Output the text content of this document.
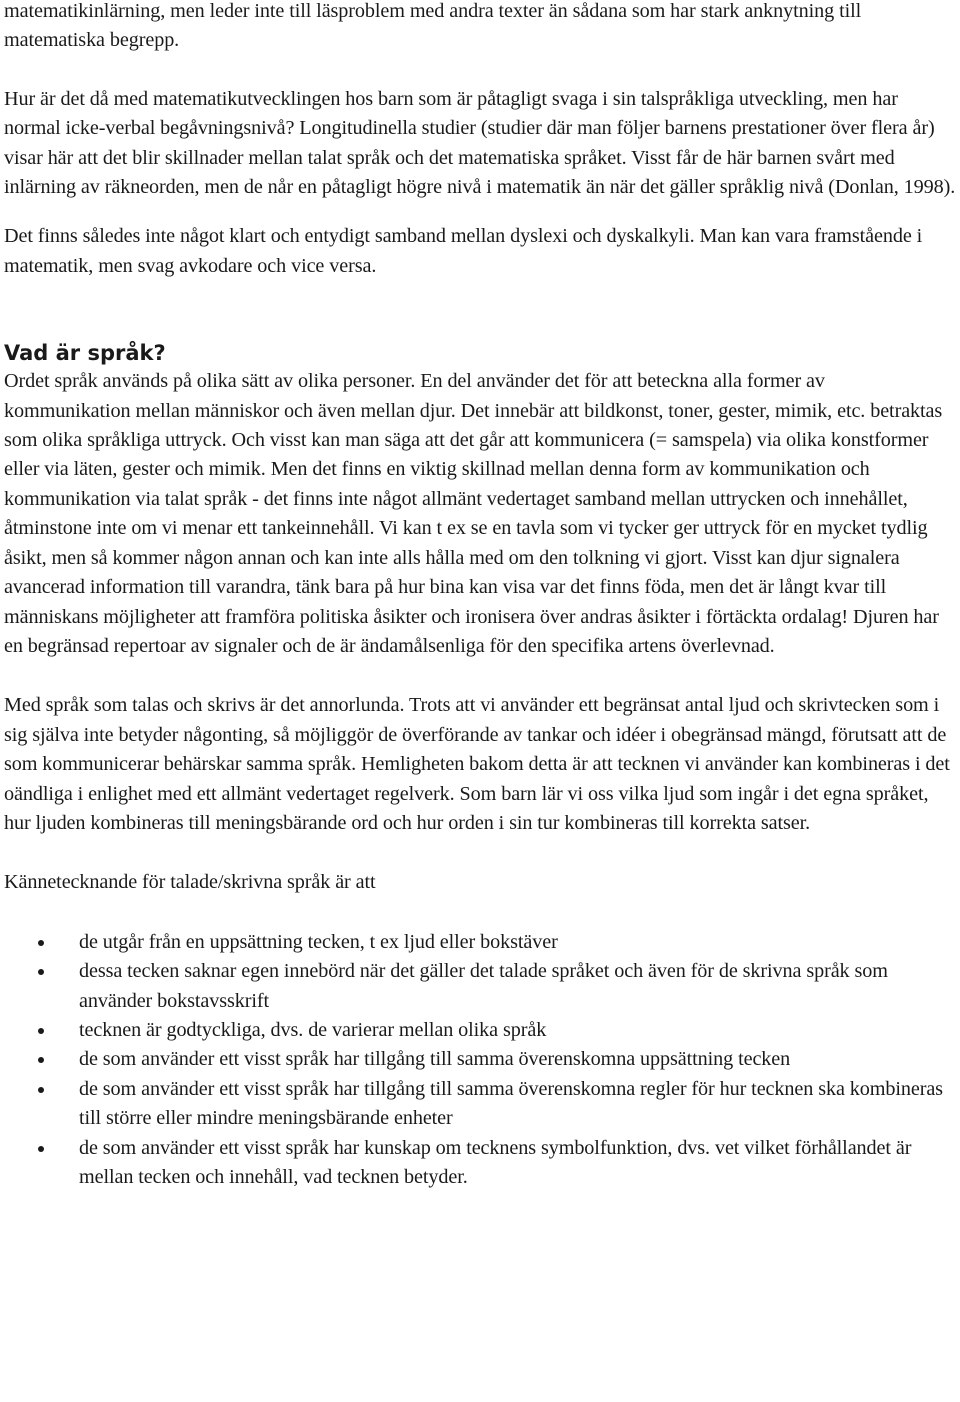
matematikinlärning, men leder inte till läsproblem med andra texter än sådana som har stark anknytning till matematiska begrepp.

Hur är det då med matematikutvecklingen hos barn som är påtagligt svaga i sin talspråkliga utveckling, men har normal icke-verbal begåvningsnivå? Longitudinella studier (studier där man följer barnens prestationer över flera år) visar här att det blir skillnader mellan talat språk och det matematiska språket. Visst får de här barnen svårt med inlärning av räkneorden, men de når en påtagligt högre nivå i matematik än när det gäller språklig nivå (Donlan, 1998).

Det finns således inte något klart och entydigt samband mellan dyslexi och dyskalkyli. Man kan vara framstående i matematik, men svag avkodare och vice versa.

Vad är språk?

Ordet språk används på olika sätt av olika personer. En del använder det för att beteckna alla former av kommunikation mellan människor och även mellan djur. Det innebär att bildkonst, toner, gester, mimik, etc. betraktas som olika språkliga uttryck. Och visst kan man säga att det går att kommunicera (= samspela) via olika konstformer eller via läten, gester och mimik. Men det finns en viktig skillnad mellan denna form av kommunikation och kommunikation via talat språk - det finns inte något allmänt vedertaget samband mellan uttrycken och innehållet, åtminstone inte om vi menar ett tankeinnehåll. Vi kan t ex se en tavla som vi tycker ger uttryck för en mycket tydlig åsikt, men så kommer någon annan och kan inte alls hålla med om den tolkning vi gjort. Visst kan djur signalera avancerad information till varandra, tänk bara på hur bina kan visa var det finns föda, men det är långt kvar till människans möjligheter att framföra politiska åsikter och ironisera över andras åsikter i förtäckta ordalag! Djuren har en begränsad repertoar av signaler och de är ändamålsenliga för den specifika artens överlevnad.

Med språk som talas och skrivs är det annorlunda. Trots att vi använder ett begränsat antal ljud och skrivtecken som i sig själva inte betyder någonting, så möjliggör de överförande av tankar och idéer i obegränsad mängd, förutsatt att de som kommunicerar behärskar samma språk. Hemligheten bakom detta är att tecknen vi använder kan kombineras i det oändliga i enlighet med ett allmänt vedertaget regelverk. Som barn lär vi oss vilka ljud som ingår i det egna språket, hur ljuden kombineras till meningsbärande ord och hur orden i sin tur kombineras till korrekta satser.

Kännetecknande för talade/skrivna språk är att

de utgår från en uppsättning tecken, t ex ljud eller bokstäver
dessa tecken saknar egen innebörd när det gäller det talade språket och även för de skrivna språk som använder bokstavsskrift
tecknen är godtyckliga, dvs. de varierar mellan olika språk
de som använder ett visst språk har tillgång till samma överenskomna uppsättning tecken
de som använder ett visst språk har tillgång till samma överenskomna regler för hur tecknen ska kombineras till större eller mindre meningsbärande enheter
de som använder ett visst språk har kunskap om tecknens symbolfunktion, dvs. vet vilket förhållandet är mellan tecken och innehåll, vad tecknen betyder.
